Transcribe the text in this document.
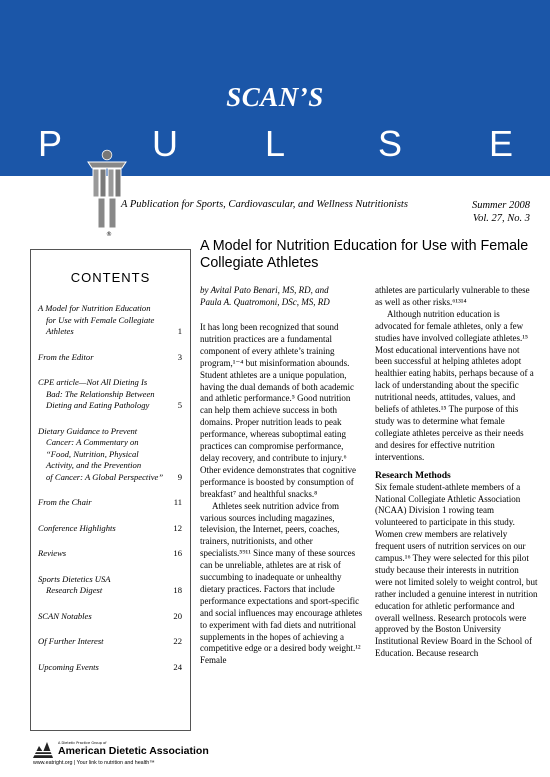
SCAN’S
P U L	S E
®
A Publication for Sports, Cardiovascular, and Wellness Nutritionists	Summer 2008
Vol. 27, No. 3
CONTENTS
A Model for Nutrition Education
for Use with Female Collegiate
Athletes	1
From the Editor	3
CPE article—Not All Dieting Is
Bad: The Relationship Between
Dieting and Eating Pathology	5
Dietary Guidance to Prevent
Cancer: A Commentary on
“Food, Nutrition, Physical
Activity, and the Prevention
of Cancer: A Global Perspective”	9
From the Chair	11
Conference Highlights	12
Reviews	16
Sports Dietetics USA
Research Digest	18
SCAN Notables	20
Of Further Interest	22
Upcoming Events	24
A Model for Nutrition Education for Use with Female Collegiate Athletes
by Avital Pato Benari, MS, RD, and
Paula A. Quatromoni, DSc, MS, RD

It has long been recognized that sound nutrition practices are a fundamental component of every athlete’s training program,¹⁻⁴ but misinformation abounds. Student athletes are a unique population, having the dual demands of both academic and athletic performance.⁵ Good nutrition can help them achieve success in both domains. Proper nutrition leads to peak performance, whereas suboptimal eating practices can compromise performance, delay recovery, and contribute to injury.⁶ Other evidence demonstrates that cognitive performance is boosted by consumption of breakfast⁷ and healthful snacks.⁸

Athletes seek nutrition advice from various sources including magazines, television, the Internet, peers, coaches, trainers, nutritionists, and other specialists.⁵⁹¹¹ Since many of these sources can be unreliable, athletes are at risk of succumbing to inadequate or unhealthy dietary practices. Factors that include performance expectations and sport-specific and social influences may encourage athletes to experiment with fad diets and nutritional supplements in the hopes of achieving a competitive edge or a desired body weight.¹² Female

athletes are particularly vulnerable to these as well as other risks.⁶¹³¹⁴

Although nutrition education is advocated for female athletes, only a few studies have involved collegiate athletes.¹⁵ Most educational interventions have not been successful at helping athletes adopt healthier eating habits, perhaps because of a lack of understanding about the specific nutritional needs, attitudes, values, and beliefs of athletes.¹⁵ The purpose of this study was to determine what female collegiate athletes perceive as their needs and desires for effective nutrition interventions.

Research Methods

Six female student-athlete members of a National Collegiate Athletic Association (NCAA) Division 1 rowing team volunteered to participate in this study. Women crew members are relatively frequent users of nutrition services on our campus.¹⁶ They were selected for this pilot study because their interests in nutrition were not limited solely to weight control, but rather included a genuine interest in nutrition education for athletic performance and overall wellness. Research protocols were approved by the Boston University Institutional Review Board in the School of Education. Because research

A Dietetic Practice Group of
American Dietetic Association
www.eatright.org | Your link to nutrition and health™
